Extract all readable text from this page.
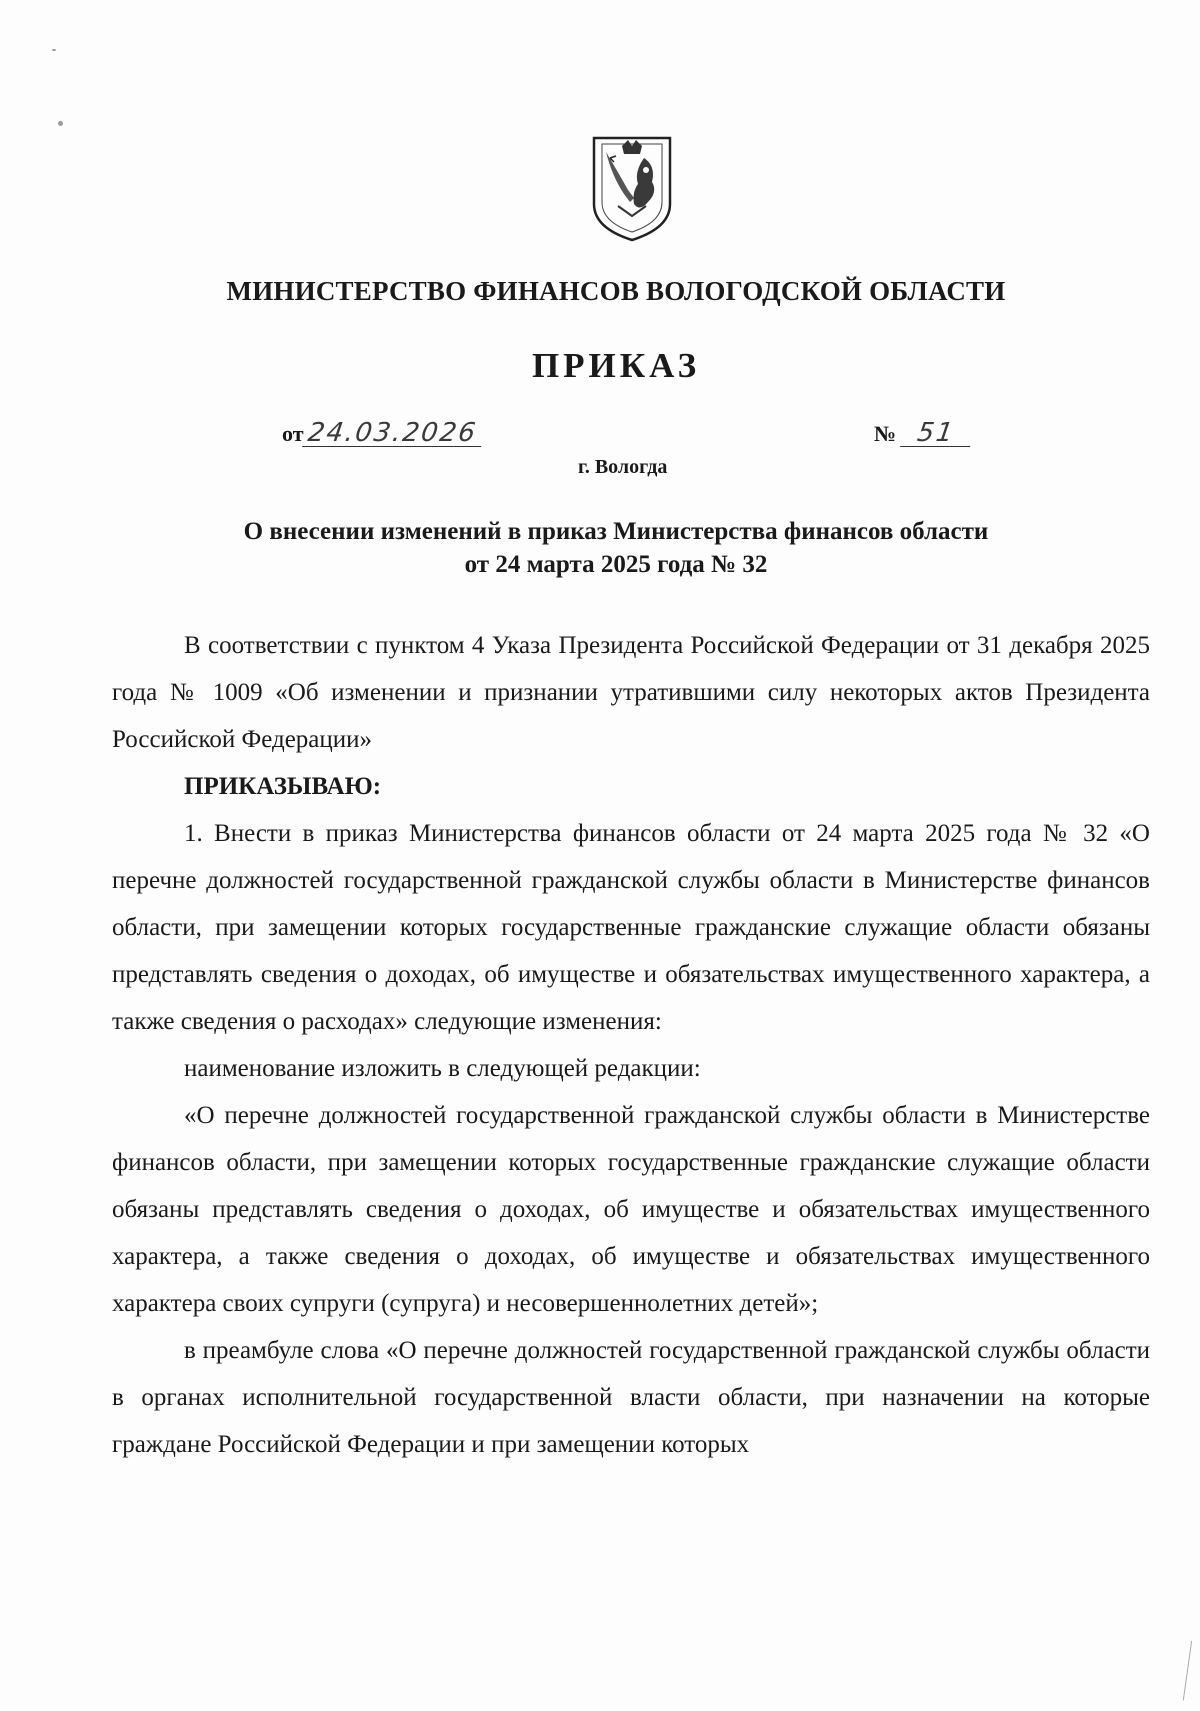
МИНИСТЕРСТВО ФИНАНСОВ ВОЛОГОДСКОЙ ОБЛАСТИ
ПРИКАЗ
от24.03.2026	№ 51
г. Вологда
О внесении изменений в приказ Министерства финансов области
от 24 марта 2025 года № 32

В соответствии с пунктом 4 Указа Президента Российской Федерации от 31 декабря 2025 года № 1009 «Об изменении и признании утратившими силу некоторых актов Президента Российской Федерации»

ПРИКАЗЫВАЮ:

1. Внести в приказ Министерства финансов области от 24 марта 2025 года № 32 «О перечне должностей государственной гражданской службы области в Министерстве финансов области, при замещении которых государственные гражданские служащие области обязаны представлять сведения о доходах, об имуществе и обязательствах имущественного характера, а также сведения о расходах» следующие изменения:

наименование изложить в следующей редакции:

«О перечне должностей государственной гражданской службы области в Министерстве финансов области, при замещении которых государственные гражданские служащие области обязаны представлять сведения о доходах, об имуществе и обязательствах имущественного характера, а также сведения о доходах, об имуществе и обязательствах имущественного характера своих супруги (супруга) и несовершеннолетних детей»;

в преамбуле слова «О перечне должностей государственной гражданской службы области в органах исполнительной государственной власти области, при назначении на которые граждане Российской Федерации и при замещении которых
